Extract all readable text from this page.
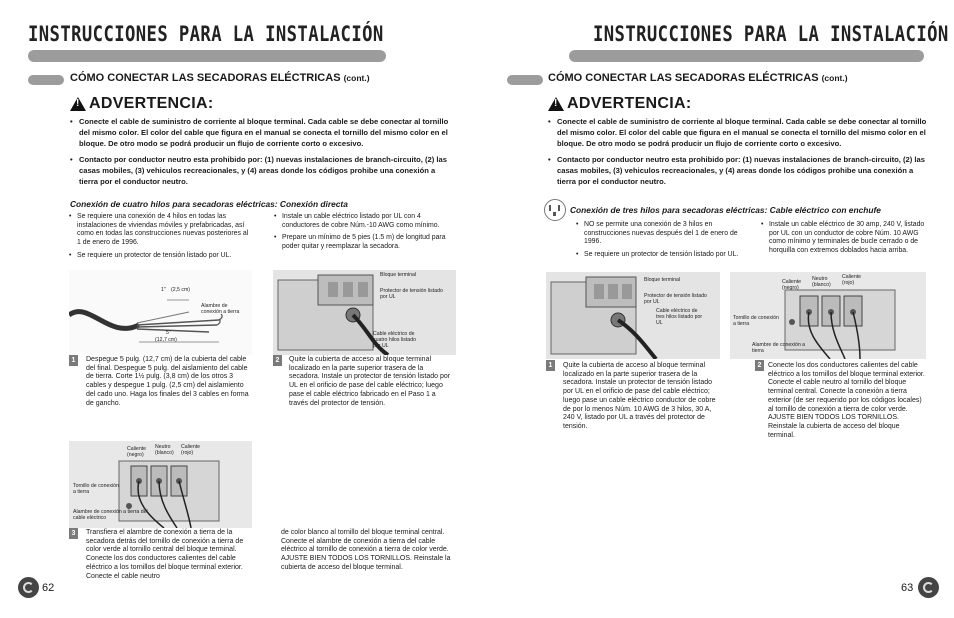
INSTRUCCIONES PARA LA INSTALACIÓN
CÓMO CONECTAR LAS SECADORAS ELÉCTRICAS (cont.)
!
ADVERTENCIA:
• Conecte el cable de suministro de corriente al bloque terminal. Cada cable se debe conectar al tornillo del mismo color. El color del cable que figura en el manual se conecta el tornillo del mismo color en el bloque. De otro modo se podrá producir un flujo de corriente corto o excesivo.
• Contacto por conductor neutro esta prohibido por: (1) nuevas instalaciones de branch-circuito, (2) las casas mobiles, (3) vehiculos recreacionales, y (4) areas donde los códigos prohibe una conexión a tierra por el conductor neutro.
Conexión de cuatro hilos para secadoras eléctricas: Conexión directa
• Se requiere una conexión de 4 hilos en todas las instalaciones de viviendas móviles y prefabricadas, así como en todas las construcciones nuevas posteriores al 1 de enero de 1996.
• Se requiere un protector de tensión listado por UL.
• Instale un cable eléctrico listado por UL con 4 conductores de cobre Núm.-10 AWG como mínimo.
• Prepare un mínimo de 5 pies (1.5 m) de longitud para poder quitar y reemplazar la secadora.
1" (2,5 cm)
Alambre de conexión a tierra
5"
(12,7 cm)
Bloque terminal
Protector de tensión listado por UL
Cable eléctrico de cuatro hilos listado por UL
1	Despegue 5 pulg. (12,7 cm) de la cubierta del cable del final. Despegue 5 pulg. del aislamiento del cable de tierra. Corte 1½ pulg. (3,8 cm) de los otros 3 cables y despegue 1 pulg. (2,5 cm) del aislamiento del cado uno. Haga los finales del 3 cables en forma de gancho.
2	Quite la cubierta de acceso al bloque terminal localizado en la parte superior trasera de la secadora. Instale un protector de tensión listado por UL en el orificio de pase del cable eléctrico; luego pase el cable eléctrico fabricado en el Paso 1 a través del protector de tensión.
Caliente (negro)
Neutro (blanco)
Caliente (rojo)
Tornillo de conexión a tierra
Alambre de conexión a tierra del cable eléctrico
3	Transfiera el alambre de conexión a tierra de la secadora detrás del tornillo de conexión a tierra de color verde al tornillo central del bloque terminal. Conecte los dos conductores calientes del cable eléctrico a los tornillos del bloque terminal exterior. Conecte el cable neutro
de color blanco al tornillo del bloque terminal central. Conecte el alambre de conexión a tierra del cable eléctrico al tornillo de conexión a tierra de color verde. AJUSTE BIEN TODOS LOS TORNILLOS. Reinstale la cubierta de acceso del bloque terminal.
62
INSTRUCCIONES PARA LA INSTALACIÓN
CÓMO CONECTAR LAS SECADORAS ELÉCTRICAS (cont.)
!
ADVERTENCIA:
• Conecte el cable de suministro de corriente al bloque terminal. Cada cable se debe conectar al tornillo del mismo color. El color del cable que figura en el manual se conecta el tornillo del mismo color en el bloque. De otro modo se podrá producir un flujo de corriente corto o excesivo.
• Contacto por conductor neutro esta prohibido por: (1) nuevas instalaciones de branch-circuito, (2) las casas mobiles, (3) vehiculos recreacionales, y (4) areas donde los códigos prohibe una conexión a tierra por el conductor neutro.
Conexión de tres hilos para secadoras eléctricas: Cable eléctrico con enchufe
• NO se permite una conexión de 3 hilos en construcciones nuevas después del 1 de enero de 1996.
• Se requiere un protector de tensión listado por UL.
• Instale un cable eléctrico de 30 amp, 240 V, listado por UL con un conductor de cobre Núm. 10 AWG como mínimo y terminales de bucle cerrado o de horquilla con extremos doblados hacia arriba.
Bloque terminal
Protector de tensión listado por UL
Cable eléctrico de tres hilos listado por UL
Caliente (negro)
Neutro (blanco)
Caliente (rojo)
Tornillo de conexión a tierra
Alambre de conexión a tierra
1	Quite la cubierta de acceso al bloque terminal localizado en la parte superior trasera de la secadora. Instale un protector de tensión listado por UL en el orificio de pase del cable eléctrico; luego pase un cable eléctrico conductor de cobre de por lo menos Núm. 10 AWG de 3 hilos, 30 A, 240 V, listado por UL a través del protector de tensión.
2 Conecte los dos conductores calientes del cable eléctrico a los tornillos del bloque terminal exterior. Conecte el cable neutro al tornillo del bloque terminal central. Conecte la conexión a tierra exterior (de ser requerido por los códigos locales) al tornillo de conexión a tierra de color verde. AJUSTE BIEN TODOS LOS TORNILLOS. Reinstale la cubierta de acceso del bloque terminal.
63
